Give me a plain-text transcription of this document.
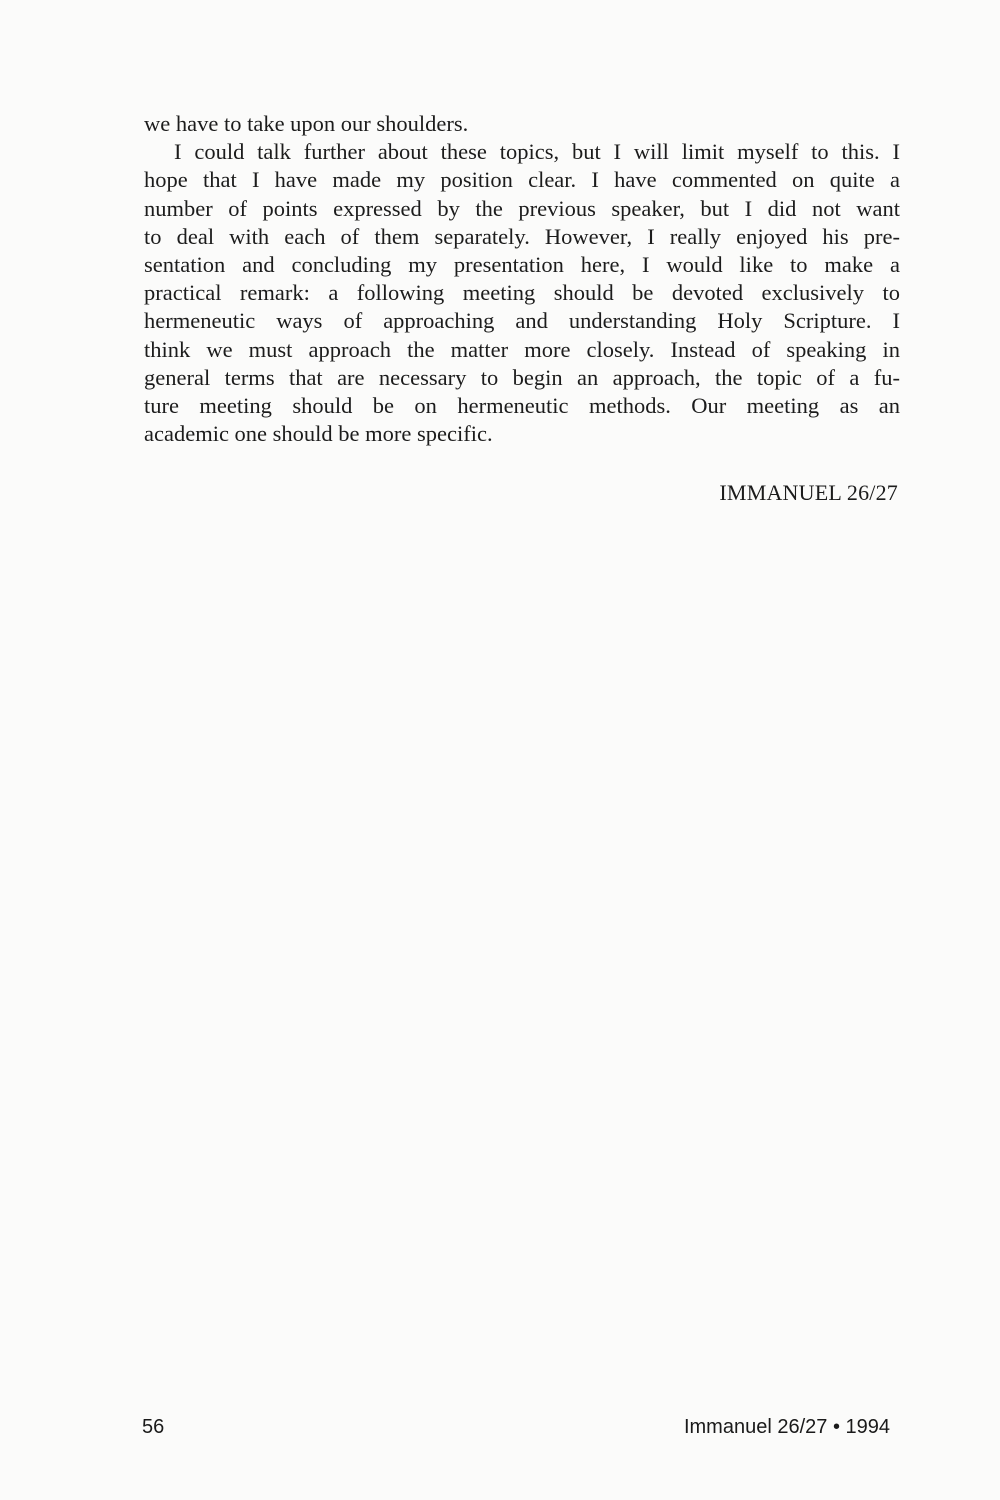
we have to take upon our shoulders.
I could talk further about these topics, but I will limit myself to this. I
hope that I have made my position clear. I have commented on quite a
number of points expressed by the previous speaker, but I did not want
to deal with each of them separately. However, I really enjoyed his pre-
sentation and concluding my presentation here, I would like to make a
practical remark: a following meeting should be devoted exclusively to
hermeneutic ways of approaching and understanding Holy Scripture. I
think we must approach the matter more closely. Instead of speaking in
general terms that are necessary to begin an approach, the topic of a fu-
ture meeting should be on hermeneutic methods. Our meeting as an
academic one should be more specific.
IMMANUEL 26/27
56	Immanuel 26/27 • 1994
